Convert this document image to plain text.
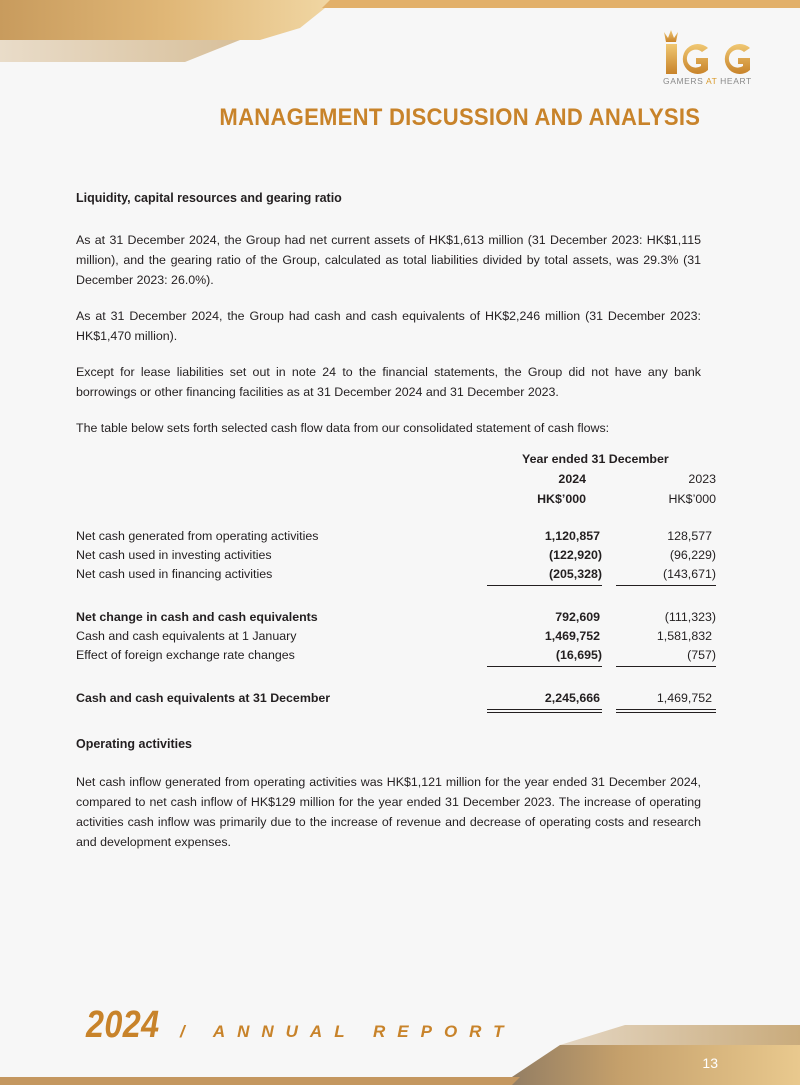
GAMERS AT HEART
MANAGEMENT DISCUSSION AND ANALYSIS
Liquidity, capital resources and gearing ratio

As at 31 December 2024, the Group had net current assets of HK$1,613 million (31 December 2023: HK$1,115 million), and the gearing ratio of the Group, calculated as total liabilities divided by total assets, was 29.3% (31 December 2023: 26.0%).

As at 31 December 2024, the Group had cash and cash equivalents of HK$2,246 million (31 December 2023: HK$1,470 million).

Except for lease liabilities set out in note 24 to the financial statements, the Group did not have any bank borrowings or other financing facilities as at 31 December 2024 and 31 December 2023.

The table below sets forth selected cash flow data from our consolidated statement of cash flows:

Year ended 31 December
2024	2023
HK$’000	HK$’000
Net cash generated from operating activities	1,120,857	128,577
Net cash used in investing activities	(122,920)	(96,229)
Net cash used in financing activities	(205,328)	(143,671)
Net change in cash and cash equivalents	792,609	(111,323)
Cash and cash equivalents at 1 January	1,469,752	1,581,832
Effect of foreign exchange rate changes	(16,695)	(757)
Cash and cash equivalents at 31 December	2,245,666	1,469,752
Operating activities

Net cash inflow generated from operating activities was HK$1,121 million for the year ended 31 December 2024, compared to net cash inflow of HK$129 million for the year ended 31 December 2023. The increase of operating activities cash inflow was primarily due to the increase of revenue and decrease of operating costs and research and development expenses.

2024 / ANNUAL REPORT
13
